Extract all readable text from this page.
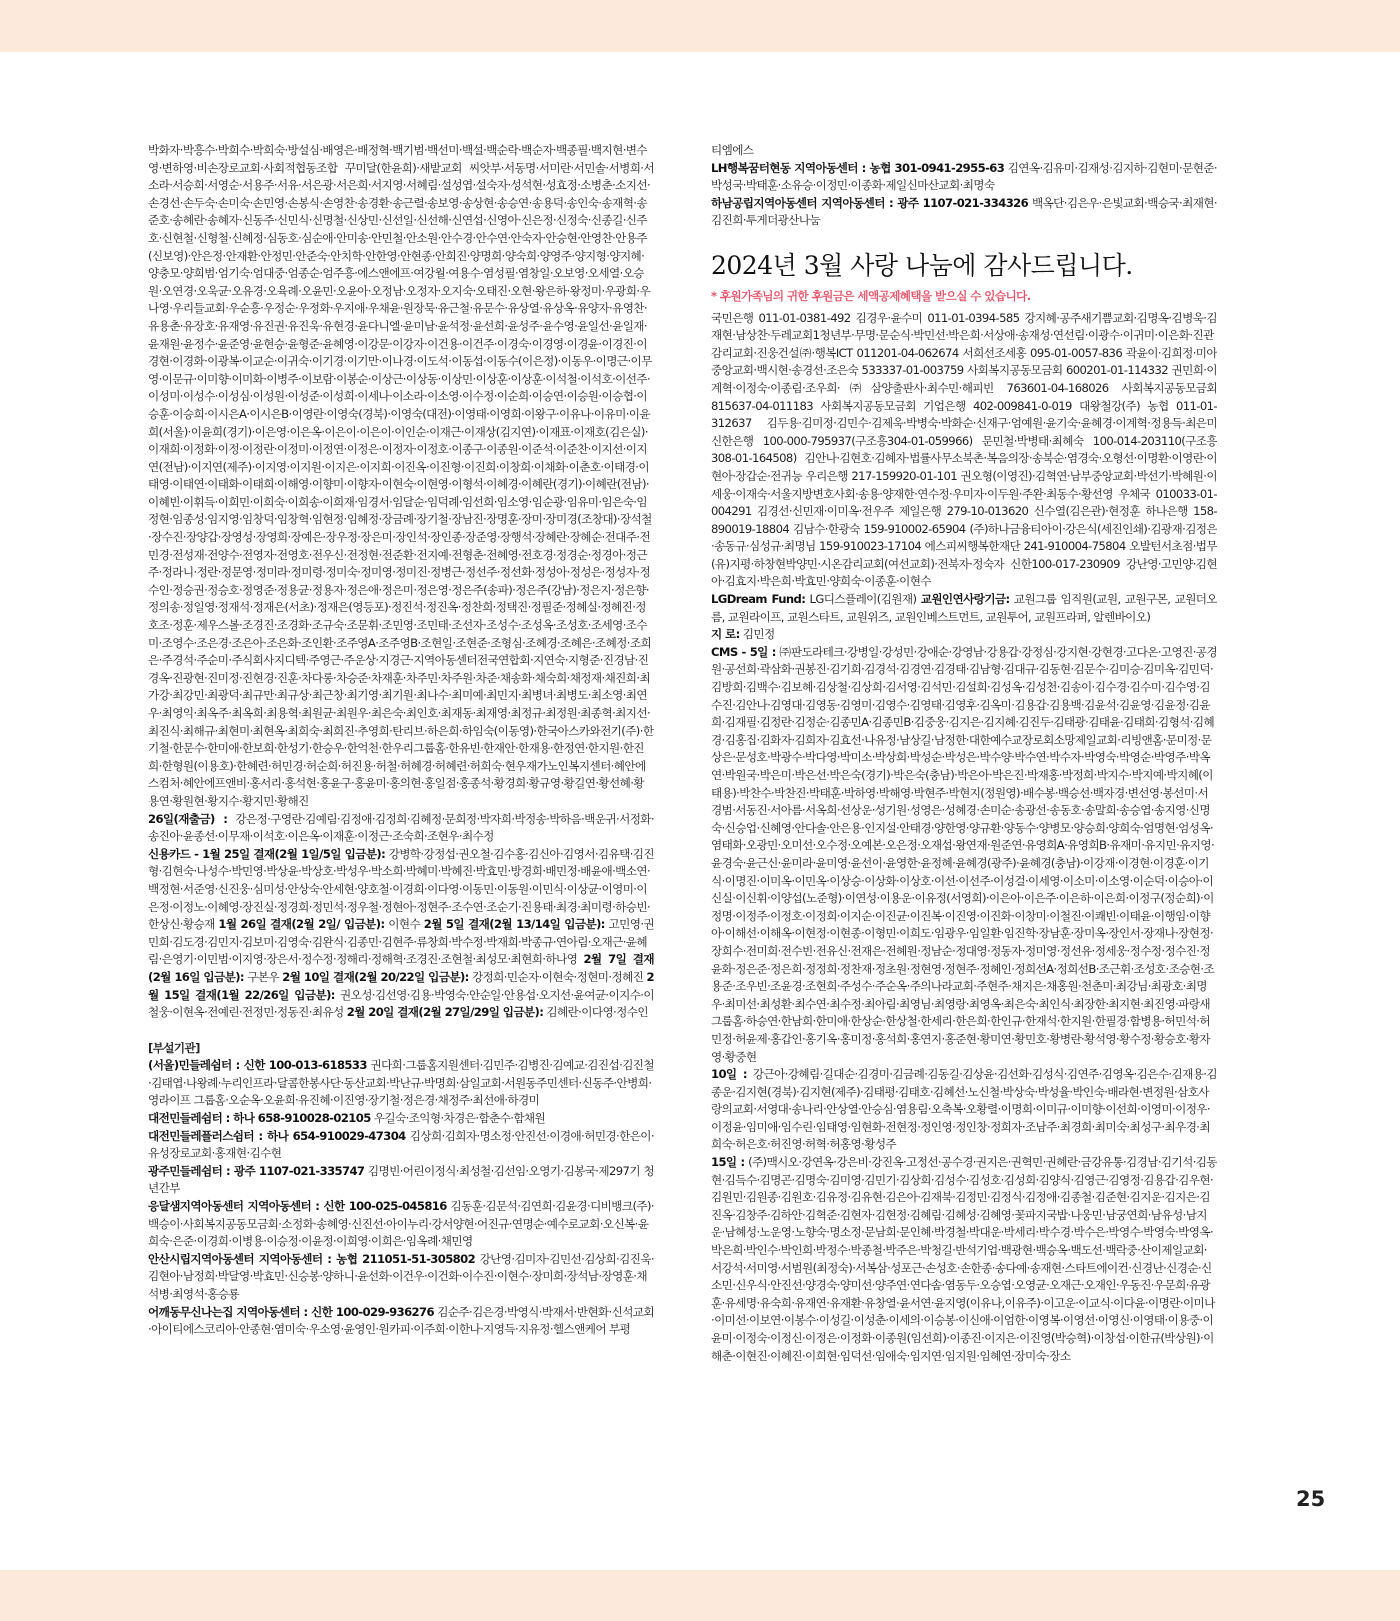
박화자·박흥수·박희수·박희숙·방설심·배영은·배정혁·백기범·백선미·백설·백순락·백순자·백종필·백지현·변수영·변하영·비손장로교회·사회적협동조합 꾸미달(한윤희)·새밭교회 씨앗부·서동명·서미란·서민솔·서병희·서소라·서승희·서영순·서용주·서유·서은광·서은희·서지영·서혜림·설성엽·설숙자·성석현·성효정·소병춘·소지선·손경선·손두숙·손미숙·손민영·손봉식·손영찬·송경환·송근렬·송보영·송상현·송승연·송용덕·송인숙·송재혁·송준호·송혜란·송혜자·신동주·신민식·신명철·신상민·신선일·신선해·신연섭·신영아·신은정·신정숙·신종길·신주호·신현철·신형철·신혜정·심동호·심순애·안미송·안민철·안소원·안수경·안수연·안숙자·안승현·안영찬·안용주(신보영)·안은정·안재환·안정민·안준숙·안치학·안한영·안현종·안희진·양명희·양숙희·양영주·양지형·양지혜·양충모·양희범·엄기숙·엄대중·엄종순·엄주흥·에스앤에프·여강월·여용수·염성필·염창일·오보영·오세열·오승원·오연경·오욱균·오유경·오육례·오윤민·오윤아·오정남·오정자·오지숙·오태진·오현·왕은하·왕정미·우광희·우나영·우리들교회·우순흥·우정순·우정화·우지애·우채윤·원장묵·유근철·유문수·유상열·유상옥·유양자·유영찬·유용춘·유장호·유재영·유진권·유진욱·유현경·윤다니엘·윤미남·윤석정·윤선희·윤성주·윤수영·윤일선·윤일재·윤재원·윤정수·윤준영·윤현승·윤형준·윤혜영·이강문·이강자·이건용·이건주·이경숙·이경영·이경윤·이경진·이경현·이경화·이광복·이교순·이귀숙·이기경·이기만·이나경·이도석·이동섭·이동수(이은정)·이동우·이명근·이무영·이문규·이미향·이미화·이병주·이보람·이봉순·이상근·이상동·이상민·이상훈·이상훈·이석철·이석호·이선주·이성미·이성수·이성심·이성원·이성준·이성희·이세나·이소라·이소영·이수정·이순희·이승연·이승원·이승협·이승훈·이승희·이시은A·이시은B·이영란·이영숙(경북)·이영숙(대전)·이영태·이영희·이왕구·이유나·이유미·이윤희(서울)·이윤희(경기)·이은영·이은옥·이은이·이은이·이인순·이재근·이재상(김지연)·이재표·이재호(김은실)·이재희·이정화·이정·이정란·이정미·이정연·이정은·이정자·이정호·이종구·이종원·이준석·이준찬·이지선·이지연(전남)·이지연(제주)·이지영·이지원·이지은·이지희·이진옥·이진형·이진희·이창희·이채화·이춘호·이태경·이태영·이태연·이태화·이태희·이해영·이향미·이향자·이현숙·이현영·이형석·이혜경·이혜란(경기)·이혜란(전남)·이혜빈·이휘득·이희민·이희숙·이희송·이희재·임경서·임달순·임덕례·임선희·임소영·임순광·임유미·임은숙·임정현·임종성·임지영·임창덕·임창혁·임현정·임혜정·장금례·장기철·장남진·장명훈·장미·장미경(조창대)·장석철·장수진·장양갑·장영성·장영희·장예은·장우정·장은미·장인석·장인종·장준영·장행석·장혜란·장혜순·전대주·전민경·전성재·전양수·전영자·전영호·전우신·전정현·전준환·전지예·전형춘·전혜영·전호경·정경순·정경아·정근주·정라니·정란·정문영·정미라·정미령·정미숙·정미영·정미진·정병근·정선주·정선화·정성아·정성은·정성자·정수인·정승권·정승호·정영준·정용균·정용자·정은애·정은미·정은영·정은주(송파)·정은주(강남)·정은지·정은향·정의송·정일영·정재석·정재은(서초)·정재은(영등포)·정진석·정진옥·정찬희·정택진·정필준·정혜실·정혜진·정호조·정훈·제우스볼·조경진·조경화·조규숙·조문휘·조민영·조민태·조선자·조성수·조성옥·조성호·조세영·조수미·조영수·조은경·조은아·조은화·조인환·조주영A·조주영B·조현일·조현준·조형심·조혜경·조혜은·조혜정·조희은·주경석·주순미·주식회사지디텍·주영근·주운상·지경근·지역아동센터전국연합회·지연숙·지형준·진경남·진경옥·진광현·진미정·진현경·진훈·차다롱·차승준·차재훈·차주민·차주원·차준·채송화·채숙희·채정재·채진희·최가강·최강민·최광덕·최규만·최규상·최근창·최기영·최기원·최나수·최미예·최민지·최병녀·최병도·최소영·최연우·최영익·최옥주·최옥희·최용혁·최원균·최원우·최은숙·최인호·최재동·최재영·최정규·최정원·최종혁·최지선·최진식·최해규·최현미·최현옥·최희숙·최희진·추영희·탄리브·하은희·하임숙(이동영)·한국아스카와전기(주)·한기철·한문수·한미애·한보희·한성기·한승우·한억천·한우리그룹홈·한유빈·한재안·한재용·한정연·한지원·한진희·한형원(이용호)·한혜련·허민경·허순희·허진용·허철·허혜경·허혜련·허희숙·현우재가노인복지센터·혜안에스컴처·혜안에프앤비·홍서리·홍석현·홍윤구·홍윤미·홍의현·홍일점·홍종석·황경희·황규영·황길연·황선혜·황용연·황원현·황지수·황지민·황해진

26일(재출금) : 강은정·구영란·김예림·김정애·김정희·김혜정·문희정·박자희·박정송·박하음·백운귀·서정화·송진아·윤종선·이무재·이석호·이은옥·이재훈·이정근·조숙희·조현우·최수정

신용카드 - 1월 25일 결재(2월 1일/5일 입금분): 강병학·강정섭·권오철·김수홍·김신아·김영서·김유택·김진형·김현숙·나성수·박민영·박상윤·박상호·박성우·박소희·박혜미·박혜진·박효민·방경희·배민정·배윤애·백소연·백정현·서준영·신진웅·심미성·안상숙·안세현·양호철·이경희·이다영·이동민·이동원·이민식·이상균·이영미·이은정·이정노·이혜영·장진실·정경희·정민석·정우철·정현아·정현주·조수연·조순기·진용태·최경·최미령·하승빈·한상신·황승재 1월 26일 결재(2월 2일/ 입금분): 이현수 2월 5일 결재(2월 13/14일 입금분): 고민영·권민희·김도경·김민지·김보미·김영숙·김완식·김종민·김현주·류창희·박수정·박재희·박종규·연아림·오재근·윤혜림·은영기·이민범·이지영·장은서·정수정·정해리·정해혁·조경진·조현철·최성모·최현희·하나영 2월 7일 결재(2월 16일 입금분): 구본우 2월 10일 결재(2월 20/22일 입금분): 강정희·민순자·이현숙·정현미·정혜진 2월 15일 결재(1월 22/26일 입금분): 권오성·김선영·김용·박영숙·안순일·안용섭·오지선·윤여균·이지수·이철웅·이현옥·전예린·전정민·정동진·최유성 2월 20일 결재(2월 27일/29일 입금분): 김혜란·이다영·정수인

[부설기관]

(서울)민들레쉼터 : 신한 100-013-618533 권다희·그룹홈지원센터·김민주·김병진·김예교·김진섭·김진철·김태엽·나왕례·누리인프라·달콤한봉사단·동산교회·박난규·박명희·삼일교회·서원동주민센터·신동주·안병희·영라이프 그룹홈·오순옥·오윤희·유진혜·이진영·장기철·정은경·채정주·최선애·하경미

대전민들레쉼터 : 하나 658-910028-02105 우길숙·조익형·차경은·함춘수·함채원

대전민들레플러스쉼터 : 하나 654-910029-47304 김상희·김희자·명소정·안진선·이경애·허민경·한은이·유성장로교회·홍재현·김수현

광주민들레쉼터 : 광주 1107-021-335747 김명빈·어린이정식·최성철·김선임·오영기·김봉국·제297기 청년간부

응달샘지역아동센터 지역아동센터 : 신한 100-025-045816 김동훈·김문석·김연희·김윤경·디비뱅크(주)·백승이·사회복지공동모금회·소정화·송혜영·신진선·아이누리·강서양현·어진규·연명순·예수로교회·오신복·윤희숙·은준·이경희·이병용·이승정·이윤정·이희영·이희은·임옥례·채민영

안산시립지역아동센터 지역아동센터 : 농협 211051-51-305802 강난영·김미자·김민선·김상희·김진욱·김현아·남정희·박달영·박효민·신승봉·양하니·윤선화·이건우·이건화·이수진·이현수·장미희·장석남·장영훈·채석병·최영석·홍승룡

어깨동무신나는집 지역아동센터 : 신한 100-029-936276 김순주·김은경·박영식·박재서·반현화·신석교회·아이티에스코리아·안종현·염미숙·우소영·윤영인·원카피·이주희·이한나·지영득·지유정·헬스앤케어 부평

티엠에스

LH행복꿈터현동 지역아동센터 : 농협 301-0941-2955-63 김연옥·김유미·김재성·김지하·김현미·문현준·박성국·박태훈·소유승·이정민·이종화·제일신마산교회·최명숙

하남공립지역아동센터 지역아동센터 : 광주 1107-021-334326 백옥단·김은우·은빛교회·백승국·최재현·김진희·투게더광산나눔

2024년 3월 사랑 나눔에 감사드립니다.

* 후원가족님의 귀한 후원금은 세액공제혜택을 받으실 수 있습니다.

국민은행 011-01-0381-492 김경우·윤수미 011-01-0394-585 강지혜·공주새기쁨교회·김명옥·김병욱·김재현·남상찬·두레교회1청년부·무명·문순식·박민선·박은희·서상애·송재성·연선림·이광수·이귀미·이은화·진관감리교회·진웅건설㈜·행복ICT 011201-04-062674 서희선조세홍 095-01-0057-836 곽윤이·김희정·미아중앙교회·백시현·송경선·조은숙 533337-01-003759 사회복지공동모금회 600201-01-114332 권민희·이계혁·이정숙·이종림·조우희·㈜삼양출판사·최수민·해피빈 763601-04-168026 사회복지공동모금회 815637-04-011183 사회복지공동모금회 기업은행 402-009841-0-019 대왕철강(주) 농협 011-01- 312637 김두용·김미정·김민수·김제욱·박병숙·박화순·신재구·엄예원·윤기숙·윤혜경·이계혁·정용득·최은미 신한은행 100-000-795937(구조흥304-01-059966) 문민철·박병태·최혜숙 100-014-203110(구조흥308-01-164508) 김안나·김현호·김혜자·법률사무소북촌·복음의장·송북순·염경숙·오형선·이명환·이영란·이현아·장갑순·전귀능 우리은행 217-159920-01-101 권오형(이영진)·김혁연·남부중앙교회·박선기·박혜원·이세웅·이재숙·서울지방변호사회·송용·양재한·연수정·우미자·이두원·주완·최동수·황선영 우체국 010033-01-004291 김경선·신민재·이미옥·전우주 제일은행 279-10-013620 신수열(김은관)·현정훈 하나은행 158-890019-18804 김남수·한광숙 159-910002-65904 (주)하나금융티아이·강은식(세진인쇄)·김광재·김정은·송동규·심성규·최명님 159-910023-17104 에스피씨행복한재단 241-910004-75804 오발턴서초점·법무(유)지평·하창현박양민·시온감리교회(여선교회)·전북자·정숙자 신한100-017-230909 강난영·고민양·김현아·김효지·박은희·박효민·양희숙·이종훈·이현수

LGDream Fund: LG디스플레이(김원재) 교원인연사랑기금: 교원그룹 임직원(교원, 교원구몬, 교원더오름, 교원라이프, 교원스타트, 교원위즈, 교원인베스트먼트, 교원투어, 교원프라퍼, 알렌바이오)

지 로: 김민정

CMS - 5일 : ㈜판도라테크·강병일·강성민·강애순·강영남·강용갑·강정심·강지현·강현경·고다온·고영진·공경원·공선희·곽삼화·권봉진·김기희·김경석·김경연·김경태·김남형·김대규·김동현·김문수·김미승·김미옥·김민덕·김방희·김백수·김보혜·김상철·김상희·김서영·김석민·김설희·김성옥·김성천·김송이·김수경·김수미·김수영·김수진·김안나·김영대·김영동·김영미·김영수·김영태·김영후·김옥미·김용갑·김용백·김윤석·김윤영·김윤정·김윤희·김재필·김정란·김정순·김종민A·김종민B·김중웅·김지은·김지혜·김진두·김태광·김태윤·김태희·김형석·김혜경·김홍집·김화자·김희자·김효선·나유정·남상길·남정한·대한예수교장로회소망제일교회·리빙앤홈·문미정·문상은·문성호·박광수·박다영·박미소·박상희·박성순·박성은·박수양·박수연·박수자·박영숙·박영순·박영주·박옥연·박원국·박은미·박은선·박은숙(경기)·박은숙(충남)·박은아·박은진·박재홍·박정희·박지수·박지예·박지혜(이태용)·박찬수·박찬진·박태훈·박하영·박해영·박현주·박현지(정원영)·배수봉·백승선·백자경·변선영·봉선미·서경범·서동진·서아름·서옥희·선상운·성기원·성영은·성혜경·손미순·송광선·송동호·송말희·송승엽·송지영·신명숙·신승업·신혜영·안다솔·안은용·인지설·안태경·양한영·양규환·양동수·양병모·양승희·양희숙·엄명현·엄성옥·염태화·오광민·오미선·오수정·오예본·오은정·오재섭·왕연재·원준연·유영희A·유영희B·유재미·유지민·유지영·윤경숙·윤근신·윤미라·윤미영·윤선이·윤영한·윤정혜·윤혜경(광주)·윤혜경(충남)·이강재·이경현·이경훈·이기식·이명진·이미옥·이민옥·이상승·이상화·이상호·이선·이선주·이성걸·이세영·이소미·이소영·이순덕·이승아·이신실·이신휘·이양섭(노준형)·이연성·이용운·이유정(서영희)·이은아·이은주·이은하·이은희·이정구(정순희)·이정명·이정주·이정호·이정희·이지순·이진균·이진복·이진영·이진화·이창미·이철진·이쾌빈·이태윤·이행임·이향아·이해선·이해옥·이현정·이현종·이형민·이희도·임광우·임일환·임진학·장남훈·장미옥·장인서·장재나·장현정·장희수·전미희·전수빈·전유신·전재은·전혜원·정남순·정대영·정동자·정미영·정선유·정세웅·정수정·정수진·정윤화·정은준·정은희·정정희·정찬재·정초원·정현영·정현주·정혜인·정희선A·정희선B·조근휘·조성호·조승현·조용준·조우빈·조윤경·조현희·주성수·주순옥·주의나라교회·주현주·채지은·채홍원·천춘미·최강님·최광호·최명우·최미선·최성환·최수연·최수정·최아림·최영님·최영랑·최영옥·최은숙·최인식·최장한·최지현·최진영·파랑새그룹홈·하승연·한남희·한미애·한상순·한상철·한세리·한은희·한인규·한재석·한지원·한필경·함병용·허민석·허민정·허윤제·홍갑인·홍기옥·홍미정·홍석희·홍연지·홍준현·황미연·황민호·황병란·황석영·황수정·황승호·황자영·황중현

10일 : 강근아·강혜림·길대순·김경미·김금례·김동길·김상윤·김선화·김성식·김연주·김영옥·김은수·김재용·김종운·김지현(경북)·김지현(제주)·김태평·김태호·김혜선·노신철·박상숙·박성율·박인숙·배라현·변정원·삼호사랑의교회·서영대·송나리·안상열·안승심·염용림·오축복·오황렬·이명희·이미규·이미향·이선희·이영미·이정우·이정윤·임미애·임수린·임태영·임현화·전현정·정인영·정인창·정희자·조남주·최경희·최미숙·최성구·최우경·최희숙·허은호·허진영·허혁·허홍영·황성주

15일 : (주)맥시오·강연옥·강은비·강진옥·고정선·공수경·권지은·권혁민·권혜란·금강유통·김경남·김기석·김동현·김득수·김명곤·김명숙·김미영·김민기·김상희·김성수·김성호·김성희·김양식·김영근·김영정·김용갑·김우현·김원민·김원종·김원호·김유정·김유현·김은아·김재북·김정민·김정식·김정애·김종철·김준현·김지운·김지은·김진옥·김창주·김하안·김혁준·김현자·김현정·김혜림·김혜성·김혜영·꽃파지국밥·나웅민·남궁연희·남유성·남지운·남혜성·노운영·노향숙·명소정·문남희·문인혜·박경철·박대운·박세리·박수경·박수은·박영수·박영숙·박영옥·박은희·박인수·박인희·박정수·박종철·박주은·박청길·반석기업·백광현·백승옥·백도선·백락중·산이제일교회·서강석·서미영·서범원(최정숙)·서복삼·성포근·손성호·손한종·송다예·송재현·스타트에이컨·신경난·신경순·신소민·신우식·안진선·양경숙·양미선·양주연·연다솜·염동두·오승엽·오영균·오재근·오재인·우동진·우문희·유광훈·유세명·유숙희·유재연·유재환·유창열·윤서연·윤지영(이유나,이유주)·이고운·이교식·이다윤·이명란·이미나·이미선·이보연·이봉수·이성길·이성춘·이세의·이승봉·이신애·이엄한·이영복·이영선·이영신·이영태·이용중·이윤미·이정숙·이정신·이정은·이정화·이종원(임선희)·이종진·이지은·이진영(박승혁)·이창섭·이한규(박상원)·이해춘·이현진·이혜진·이희현·임덕선·임애숙·임지연·임지원·임혜연·장미숙·장소

25
